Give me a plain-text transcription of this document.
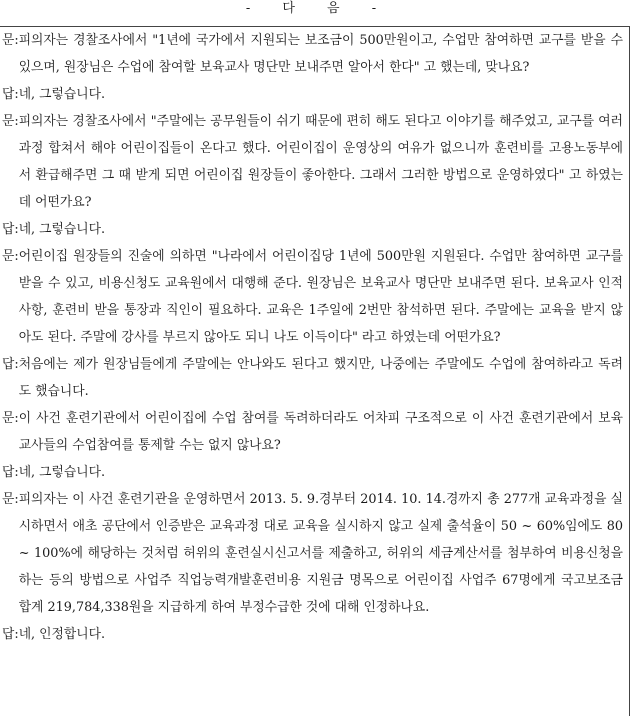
- 다 음 -
문: 피의자는 경찰조사에서 "1년에 국가에서 지원되는 보조금이 500만원이고, 수업만 참여하면 교구를 받을 수 있으며, 원장님은 수업에 참여할 보육교사 명단만 보내주면 알아서 한다" 고 했는데, 맞나요?
답: 네, 그렇습니다.
문: 피의자는 경찰조사에서 "주말에는 공무원들이 쉬기 때문에 편히 해도 된다고 이야기를 해주었고, 교구를 여러 과정 합쳐서 해야 어린이집들이 온다고 했다. 어린이집이 운영상의 여유가 없으니까 훈련비를 고용노동부에서 환급해주면 그 때 받게 되면 어린이집 원장들이 좋아한다. 그래서 그러한 방법으로 운영하였다" 고 하였는데 어떤가요?
답: 네, 그렇습니다.
문: 어린이집 원장들의 진술에 의하면 "나라에서 어린이집당 1년에 500만원 지원된다. 수업만 참여하면 교구를 받을 수 있고, 비용신청도 교육원에서 대행해 준다. 원장님은 보육교사 명단만 보내주면 된다. 보육교사 인적사항, 훈련비 받을 통장과 직인이 필요하다. 교육은 1주일에 2번만 참석하면 된다. 주말에는 교육을 받지 않아도 된다. 주말에 강사를 부르지 않아도 되니 나도 이득이다" 라고 하였는데 어떤가요?
답: 처음에는 제가 원장님들에게 주말에는 안나와도 된다고 했지만, 나중에는 주말에도 수업에 참여하라고 독려도 했습니다.
문: 이 사건 훈련기관에서 어린이집에 수업 참여를 독려하더라도 어차피 구조적으로 이 사건 훈련기관에서 보육교사들의 수업참여를 통제할 수는 없지 않나요?
답: 네, 그렇습니다.
문: 피의자는 이 사건 훈련기관을 운영하면서 2013. 5. 9.경부터 2014. 10. 14.경까지 총 277개 교육과정을 실시하면서 애초 공단에서 인증받은 교육과정 대로 교육을 실시하지 않고 실제 출석율이 50 ~ 60%임에도 80 ~ 100%에 해당하는 것처럼 허위의 훈련실시신고서를 제출하고, 허위의 세금계산서를 첨부하여 비용신청을 하는 등의 방법으로 사업주 직업능력개발훈련비용 지원금 명목으로 어린이집 사업주 67명에게 국고보조금 합계 219,784,338원을 지급하게 하여 부정수급한 것에 대해 인정하나요.
답: 네, 인정합니다.
